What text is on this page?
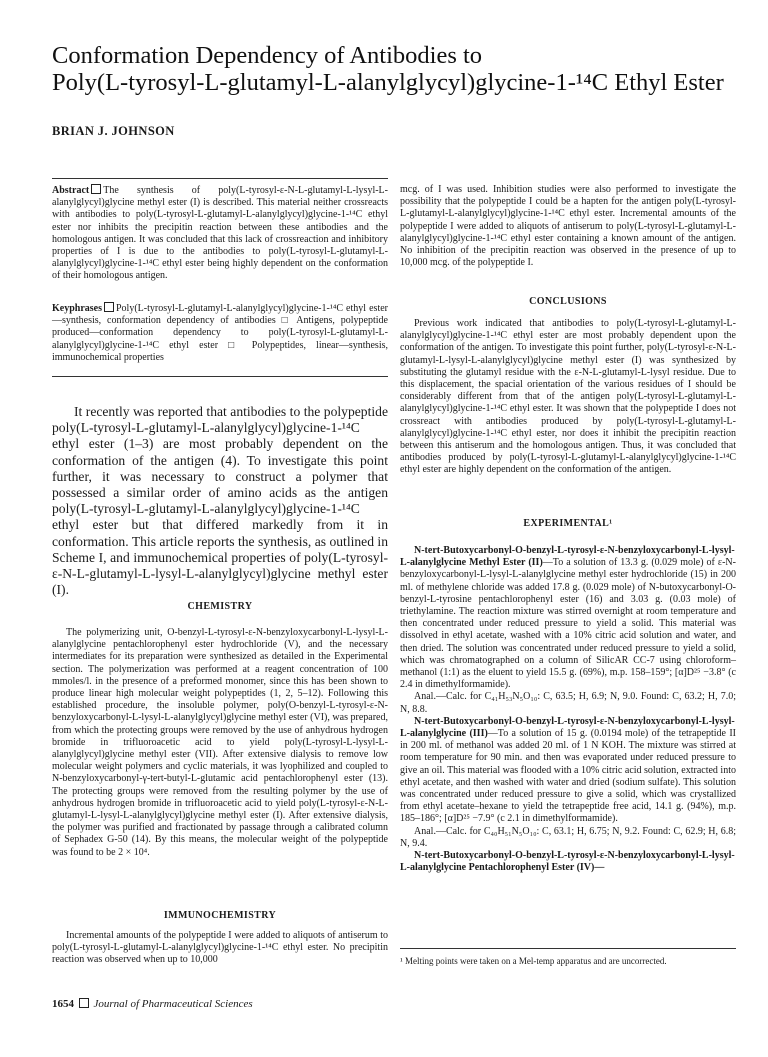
Conformation Dependency of Antibodies to
Poly(L-tyrosyl-L-glutamyl-L-alanylglycyl)glycine-1-¹⁴C Ethyl Ester
BRIAN J. JOHNSON

Abstract The synthesis of poly(L-tyrosyl-ε-N-L-glutamyl-L-lysyl-L-alanylglycyl)glycine methyl ester (I) is described. This material neither crossreacts with antibodies to poly(L-tyrosyl-L-glutamyl-L-alanylglycyl)glycine-1-¹⁴C ethyl ester nor inhibits the precipitin reaction between these antibodies and the homologous antigen. It was concluded that this lack of crossreaction and inhibitory properties of I is due to the antibodies to poly(L-tyrosyl-L-glutamyl-L-alanylglycyl)glycine-1-¹⁴C ethyl ester being highly dependent on the conformation of their homologous antigen.

Keyphrases Poly(L-tyrosyl-L-glutamyl-L-alanylglycyl)glycine-1-¹⁴C ethyl ester—synthesis, conformation dependency of antibodies □ Antigens, polypeptide produced—conformation dependency to poly(L-tyrosyl-L-glutamyl-L-alanylglycyl)glycine-1-¹⁴C ethyl ester □ Polypeptides, linear—synthesis, immunochemical properties

It recently was reported that antibodies to the polypeptide poly(L-tyrosyl-L-glutamyl-L-alanylglycyl)glycine-1-¹⁴C ethyl ester (1–3) are most probably dependent on the conformation of the antigen (4). To investigate this point further, it was necessary to construct a polymer that possessed a similar order of amino acids as the antigen poly(L-tyrosyl-L-glutamyl-L-alanylglycyl)glycine-1-¹⁴C ethyl ester but that differed markedly from it in conformation. This article reports the synthesis, as outlined in Scheme I, and immunochemical properties of poly(L-tyrosyl-ε-N-L-glutamyl-L-lysyl-L-alanylglycyl)glycine methyl ester (I).

CHEMISTRY

The polymerizing unit, O-benzyl-L-tyrosyl-ε-N-benzyloxycarbonyl-L-lysyl-L-alanylglycine pentachlorophenyl ester hydrochloride (V), and the necessary intermediates for its preparation were synthesized as detailed in the Experimental section. The polymerization was performed at a reagent concentration of 100 mmoles/l. in the presence of a preformed monomer, since this has been shown to produce linear high molecular weight polypeptides (1, 2, 5–12). Following this established procedure, the insoluble polymer, poly(O-benzyl-L-tyrosyl-ε-N-benzyloxycarbonyl-L-lysyl-L-alanylglycyl)glycine methyl ester (VI), was prepared, from which the protecting groups were removed by the use of anhydrous hydrogen bromide in trifluoroacetic acid to yield poly(L-tyrosyl-L-lysyl-L-alanylglycyl)glycine methyl ester (VII). After extensive dialysis to remove low molecular weight polymers and cyclic materials, it was lyophilized and coupled to N-benzyloxycarbonyl-γ-tert-butyl-L-glutamic acid pentachlorophenyl ester (13). The protecting groups were removed from the resulting polymer by the use of anhydrous hydrogen bromide in trifluoroacetic acid to yield poly(L-tyrosyl-ε-N-L-glutamyl-L-lysyl-L-alanylglycyl)glycine methyl ester (I). After extensive dialysis, the polymer was purified and fractionated by passage through a calibrated column of Sephadex G-50 (14). By this means, the molecular weight of the polypeptide was found to be 2 × 10⁴.

IMMUNOCHEMISTRY

Incremental amounts of the polypeptide I were added to aliquots of antiserum to poly(L-tyrosyl-L-glutamyl-L-alanylglycyl)glycine-1-¹⁴C ethyl ester. No precipitin reaction was observed when up to 10,000

1654 Journal of Pharmaceutical Sciences

mcg. of I was used. Inhibition studies were also performed to investigate the possibility that the polypeptide I could be a hapten for the antigen poly(L-tyrosyl-L-glutamyl-L-alanylglycyl)glycine-1-¹⁴C ethyl ester. Incremental amounts of the polypeptide I were added to aliquots of antiserum to poly(L-tyrosyl-L-glutamyl-L-alanylglycyl)glycine-1-¹⁴C ethyl ester containing a known amount of the antigen. No inhibition of the precipitin reaction was observed in the presence of up to 10,000 mcg. of the polypeptide I.

CONCLUSIONS

Previous work indicated that antibodies to poly(L-tyrosyl-L-glutamyl-L-alanylglycyl)glycine-1-¹⁴C ethyl ester are most probably dependent upon the conformation of the antigen. To investigate this point further, poly(L-tyrosyl-ε-N-L-glutamyl-L-lysyl-L-alanylglycyl)glycine methyl ester (I) was synthesized by substituting the glutamyl residue with the ε-N-L-glutamyl-L-lysyl residue. Due to this displacement, the spacial orientation of the various residues of I should be considerably different from that of the antigen poly(L-tyrosyl-L-glutamyl-L-alanylglycyl)glycine-1-¹⁴C ethyl ester. It was shown that the polypeptide I does not crossreact with antibodies produced by poly(L-tyrosyl-L-glutamyl-L-alanylglycyl)glycine-1-¹⁴C ethyl ester, nor does it inhibit the precipitin reaction between this antiserum and the homologous antigen. Thus, it was concluded that antibodies produced by poly(L-tyrosyl-L-glutamyl-L-alanylglycyl)glycine-1-¹⁴C ethyl ester are highly dependent on the conformation of the antigen.

EXPERIMENTAL¹

N-tert-Butoxycarbonyl-O-benzyl-L-tyrosyl-ε-N-benzyloxycarbonyl-L-lysyl-L-alanylglycine Methyl Ester (II)—To a solution of 13.3 g. (0.029 mole) of ε-N-benzyloxycarbonyl-L-lysyl-L-alanylglycine methyl ester hydrochloride (15) in 200 ml. of methylene chloride was added 17.8 g. (0.029 mole) of N-butoxycarbonyl-O-benzyl-L-tyrosine pentachlorophenyl ester (16) and 3.03 g. (0.03 mole) of triethylamine. The reaction mixture was stirred overnight at room temperature and then concentrated under reduced pressure to yield a solid. This material was dissolved in ethyl acetate, washed with a 10% citric acid solution and water, and then dried. The solution was concentrated under reduced pressure to yield a solid, which was chromatographed on a column of SilicAR CC-7 using chloroform–methanol (1:1) as the eluent to yield 15.5 g. (69%), m.p. 158–159°; [α]D²⁵ −3.8° (c 2.4 in dimethylformamide).

Anal.—Calc. for C₄₁H₅₃N₅O₁₀: C, 63.5; H, 6.9; N, 9.0. Found: C, 63.2; H, 7.0; N, 8.8.

N-tert-Butoxycarbonyl-O-benzyl-L-tyrosyl-ε-N-benzyloxycarbonyl-L-lysyl-L-alanylglycine (III)—To a solution of 15 g. (0.0194 mole) of the tetrapeptide II in 200 ml. of methanol was added 20 ml. of 1 N KOH. The mixture was stirred at room temperature for 90 min. and then was evaporated under reduced pressure to give an oil. This material was flooded with a 10% citric acid solution, extracted into ethyl acetate, and then washed with water and dried (sodium sulfate). This solution was concentrated under reduced pressure to give a solid, which was crystallized from ethyl acetate–hexane to yield the tetrapeptide free acid, 14.1 g. (94%), m.p. 185–186°; [α]D²⁵ −7.9° (c 2.1 in dimethylformamide).

Anal.—Calc. for C₄₀H₅₁N₅O₁₀: C, 63.1; H, 6.75; N, 9.2. Found: C, 62.9; H, 6.8; N, 9.4.

N-tert-Butoxycarbonyl-O-benzyl-L-tyrosyl-ε-N-benzyloxycarbonyl-L-lysyl-L-alanylglycine Pentachlorophenyl Ester (IV)—

¹ Melting points were taken on a Mel-temp apparatus and are uncorrected.
